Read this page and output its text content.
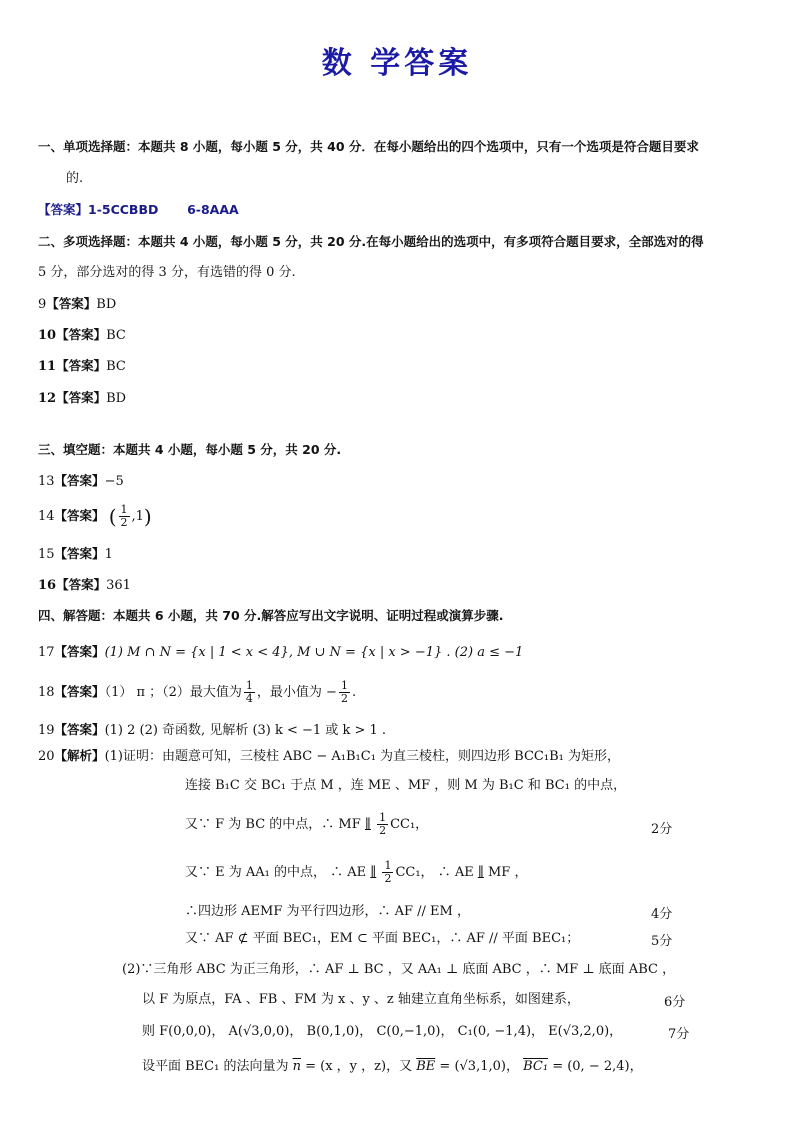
数 学答案
一、单项选择题：本题共 8 小题，每小题 5 分，共 40 分．在每小题给出的四个选项中，只有一个选项是符合题目要求
的.
【答案】1-5CCBBD 6-8AAA
二、多项选择题：本题共 4 小题，每小题 5 分，共 20 分.在每小题给出的选项中，有多项符合题目要求，全部选对的得
5 分，部分选对的得 3 分，有选错的得 0 分.
9【答案】BD
10【答案】BC
11【答案】BC
12【答案】BD
三、填空题：本题共 4 小题，每小题 5 分，共 20 分.
13【答案】−5
14【答案】 ( $\frac{1}{2} ,1$)
15【答案】1
16【答案】361
四、解答题：本题共 6 小题，共 70 分.解答应写出文字说明、证明过程或演算步骤.
17【答案】(1) M ∩ N = {x | 1 < x < 4}, M ∪ N = {x | x > −1} . (2) a ≤ −1
18【答案】（1） π ；（2）最大值为 $\frac{1}{4}$ ，最小值为 − $\frac{1}{2}$ .
19【答案】(1) 2 (2) 奇函数, 见解析 (3) k < −1 或 k > 1 .
20【解析】(1)证明：由题意可知，三棱柱 ABC − A₁B₁C₁ 为直三棱柱，则四边形 BCC₁B₁ 为矩形，
连接 B₁C 交 BC₁ 于点 M ，连 ME 、MF ，则 M 为 B₁C 和 BC₁ 的中点，
又∵ F 为 BC 的中点，∴ MF ∥ $\frac{1}{2} CC_1$，	2分
又∵ E 为 AA₁ 的中点， ∴ AE ∥ $\frac{1}{2} CC_1$， ∴ AE ∥ MF ，
∴四边形 AEMF 为平行四边形，∴ AF // EM ，	4分
又∵ AF ⊄ 平面 BEC₁，EM ⊂ 平面 BEC₁，∴ AF // 平面 BEC₁；	5分
(2)∵三角形 ABC 为正三角形，∴ AF ⊥ BC ，又 AA₁ ⊥ 底面 ABC ，∴ MF ⊥ 底面 ABC ，
以 F 为原点，FA 、FB 、FM 为 x 、y 、z 轴建立直角坐标系，如图建系，	6分
则 F(0,0,0)， A(√3,0,0)， B(0,1,0)， C(0,−1,0)， C₁(0, −1,4)， E(√3,2,0)，	7分
设平面 BEC₁ 的法向量为 $\overline{n} = (x$ ，y ，z)，又 $\overline{BE} = (√3,1,0)$， BC₁ = (0, − 2,4)，
